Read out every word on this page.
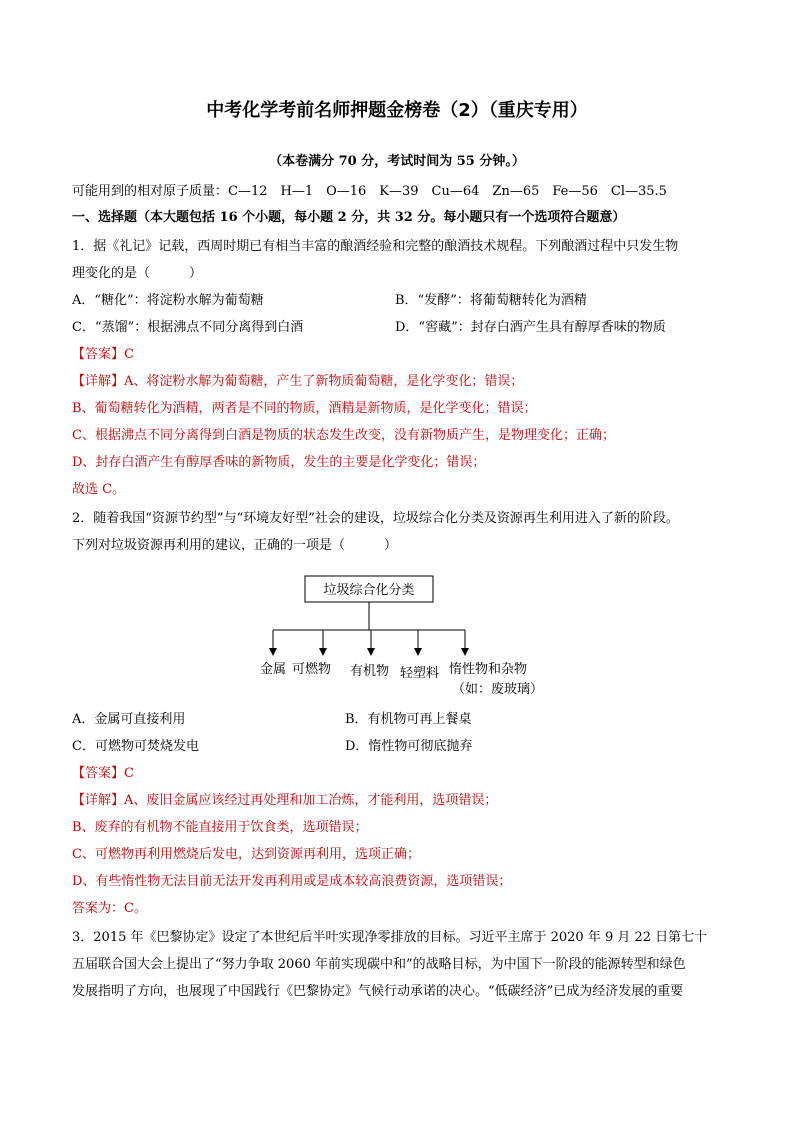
中考化学考前名师押题金榜卷（2）（重庆专用）
（本卷满分 70 分，考试时间为 55 分钟。）
可能用到的相对原子质量：C—12　H—1　O—16　K—39　Cu—64　Zn—65　Fe—56　Cl—35.5
一、选择题（本大题包括 16 个小题，每小题 2 分，共 32 分。每小题只有一个选项符合题意）
1．据《礼记》记载，西周时期已有相当丰富的酿酒经验和完整的酿酒技术规程。下列酿酒过程中只发生物
理变化的是（　　　）
A．“糖化”：将淀粉水解为葡萄糖	B．“发酵”：将葡萄糖转化为酒精
C．“蒸馏”：根据沸点不同分离得到白酒	D．“窖藏”：封存白酒产生具有醇厚香味的物质
【答案】C
【详解】A、将淀粉水解为葡萄糖，产生了新物质葡萄糖，是化学变化；错误；
B、葡萄糖转化为酒精，两者是不同的物质，酒精是新物质，是化学变化；错误；
C、根据沸点不同分离得到白酒是物质的状态发生改变，没有新物质产生，是物理变化；正确；
D、封存白酒产生有醇厚香味的新物质，发生的主要是化学变化；错误；
故选 C。
2．随着我国“资源节约型”与“环境友好型”社会的建设，垃圾综合化分类及资源再生利用进入了新的阶段。
下列对垃圾资源再利用的建议，正确的一项是（　　　）
垃圾综合化分类
金属 可燃物 有机物 轻塑料 惰性物和杂物
（如：废玻璃）
A．金属可直接利用	B．有机物可再上餐桌
C．可燃物可焚烧发电	D．惰性物可彻底抛弃
【答案】C
【详解】A、废旧金属应该经过再处理和加工冶炼，才能利用，选项错误；
B、废弃的有机物不能直接用于饮食类，选项错误；
C、可燃物再利用燃烧后发电，达到资源再利用，选项正确；
D、有些惰性物无法目前无法开发再利用或是成本较高浪费资源，选项错误；
答案为：C。
3．2015 年《巴黎协定》设定了本世纪后半叶实现净零排放的目标。习近平主席于 2020 年 9 月 22 日第七十
五届联合国大会上提出了“努力争取 2060 年前实现碳中和”的战略目标，为中国下一阶段的能源转型和绿色
发展指明了方向，也展现了中国践行《巴黎协定》气候行动承诺的决心。“低碳经济”已成为经济发展的重要
